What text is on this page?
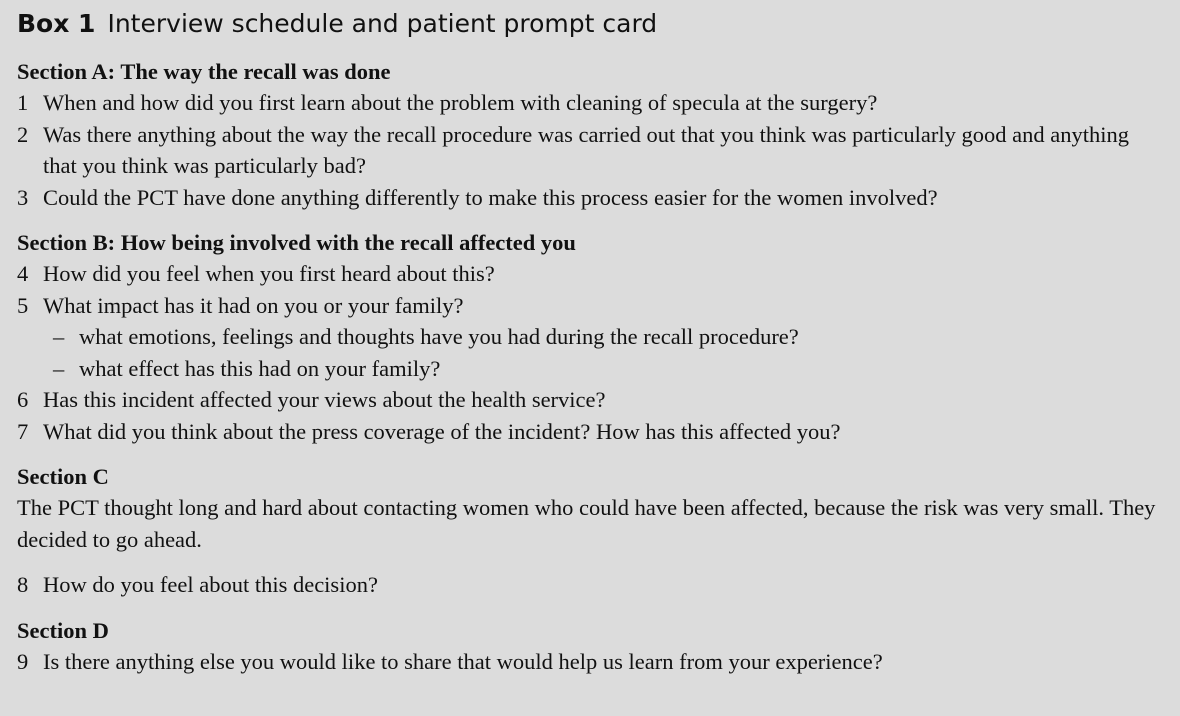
Box 1 Interview schedule and patient prompt card

Section A: The way the recall was done

1 When and how did you first learn about the problem with cleaning of specula at the surgery?
2 Was there anything about the way the recall procedure was carried out that you think was particularly good and anything that you think was particularly bad?
3 Could the PCT have done anything differently to make this process easier for the women involved?

Section B: How being involved with the recall affected you

4 How did you feel when you first heard about this?
5 What impact has it had on you or your family?
– what emotions, feelings and thoughts have you had during the recall procedure?
– what effect has this had on your family?
6 Has this incident affected your views about the health service?
7 What did you think about the press coverage of the incident? How has this affected you?

Section C

The PCT thought long and hard about contacting women who could have been affected, because the risk was very small. They decided to go ahead.

8 How do you feel about this decision?

Section D

9 Is there anything else you would like to share that would help us learn from your experience?
